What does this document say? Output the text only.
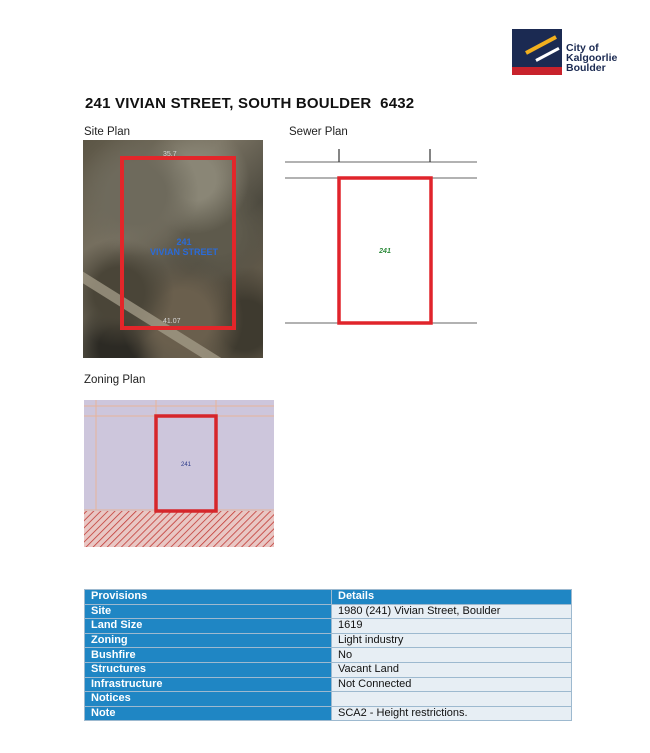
City of
Kalgoorlie
Boulder
241 VIVIAN STREET, SOUTH BOULDER  6432
Site Plan	Sewer Plan
Zoning Plan
35.7
41.07
241
VIVIAN STREET	241
241
Provisions	Details
Site	1980 (241) Vivian Street, Boulder
Land Size	1619
Zoning	Light industry
Bushfire	No
Structures	Vacant Land
Infrastructure	Not Connected
Notices	
Note	SCA2 - Height restrictions.
